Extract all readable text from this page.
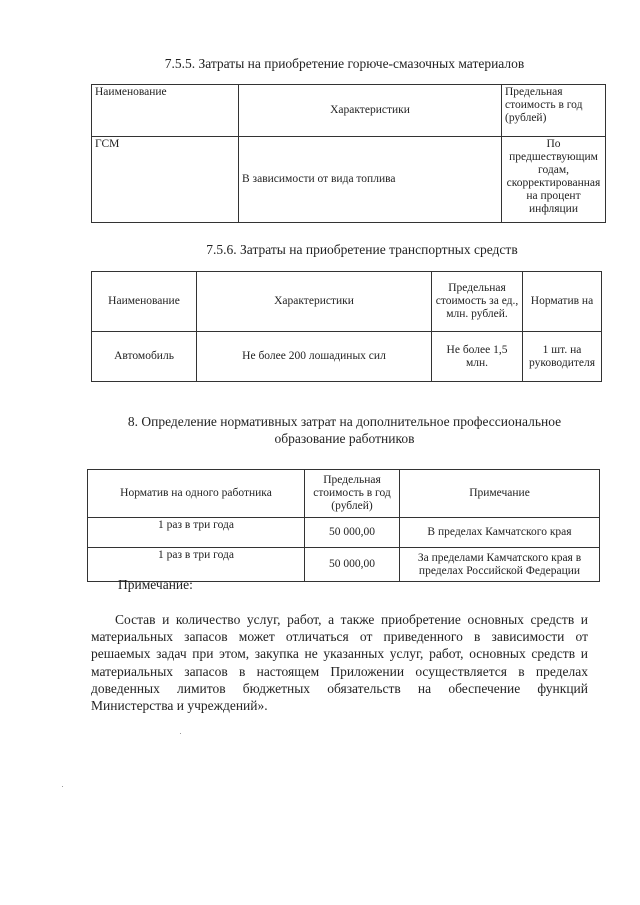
7.5.5. Затраты на приобретение горюче-смазочных материалов
Наименование	Характеристики	Предельная стоимость в год (рублей)
ГСМ	В зависимости от вида топлива	По предшествующим годам, скорректированная на процент инфляции
7.5.6. Затраты на приобретение транспортных средств
Наименование	Характеристики	Предельная стоимость за ед., млн. рублей.	Норматив на
Автомобиль	Не более 200 лошадиных сил	Не более 1,5 млн.	1 шт. на руководителя
8. Определение нормативных затрат на дополнительное профессиональное образование работников
Норматив на одного работника	Предельная стоимость в год (рублей)	Примечание
1 раз в три года	50 000,00	В пределах Камчатского края
1 раз в три года	50 000,00	За пределами Камчатского края в пределах Российской Федерации
Примечание:
Состав и количество услуг, работ, а также приобретение основных средств и материальных запасов может отличаться от приведенного в зависимости от решаемых задач при этом, закупка не указанных услуг, работ, основных средств и материальных запасов в настоящем Приложении осуществляется в пределах доведенных лимитов бюджетных обязательств на обеспечение функций Министерства и учреждений».
